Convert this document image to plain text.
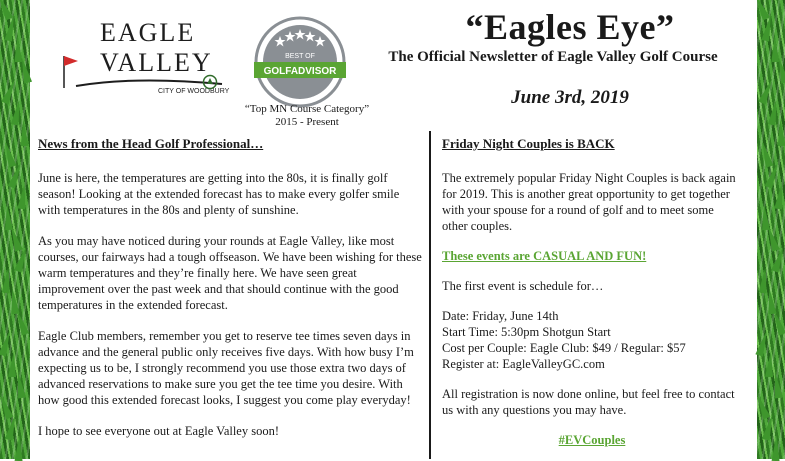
EAGLE
VALLEY
CITY OF WOODBURY
BEST OF
GOLFADVISOR
“Top MN Course Category”
2015 - Present
“Eagles Eye”
The Official Newsletter of Eagle Valley Golf Course
June 3rd, 2019
News from the Head Golf Professional…

June is here, the temperatures are getting into the 80s, it is finally golf season! Looking at the extended forecast has to make every golfer smile with temperatures in the 80s and plenty of sunshine.

As you may have noticed during your rounds at Eagle Valley, like most courses, our fairways had a tough offseason. We have been wishing for these warm temperatures and they’re finally here. We have seen great improvement over the past week and that should continue with the good temperatures in the extended forecast.

Eagle Club members, remember you get to reserve tee times seven days in advance and the general public only receives five days. With how busy I’m expecting us to be, I strongly recommend you use those extra two days of advanced reservations to make sure you get the tee time you desire. With how good this extended forecast looks, I suggest you come play everyday!

I hope to see everyone out at Eagle Valley soon!

Friday Night Couples is BACK

The extremely popular Friday Night Couples is back again for 2019. This is another great opportunity to get together with your spouse for a round of golf and to meet some other couples.

These events are CASUAL AND FUN!

The first event is schedule for…

Date: Friday, June 14th
Start Time: 5:30pm Shotgun Start
Cost per Couple: Eagle Club: $49 / Regular: $57
Register at: EagleValleyGC.com

All registration is now done online, but feel free to contact us with any questions you may have.

#EVCouples
